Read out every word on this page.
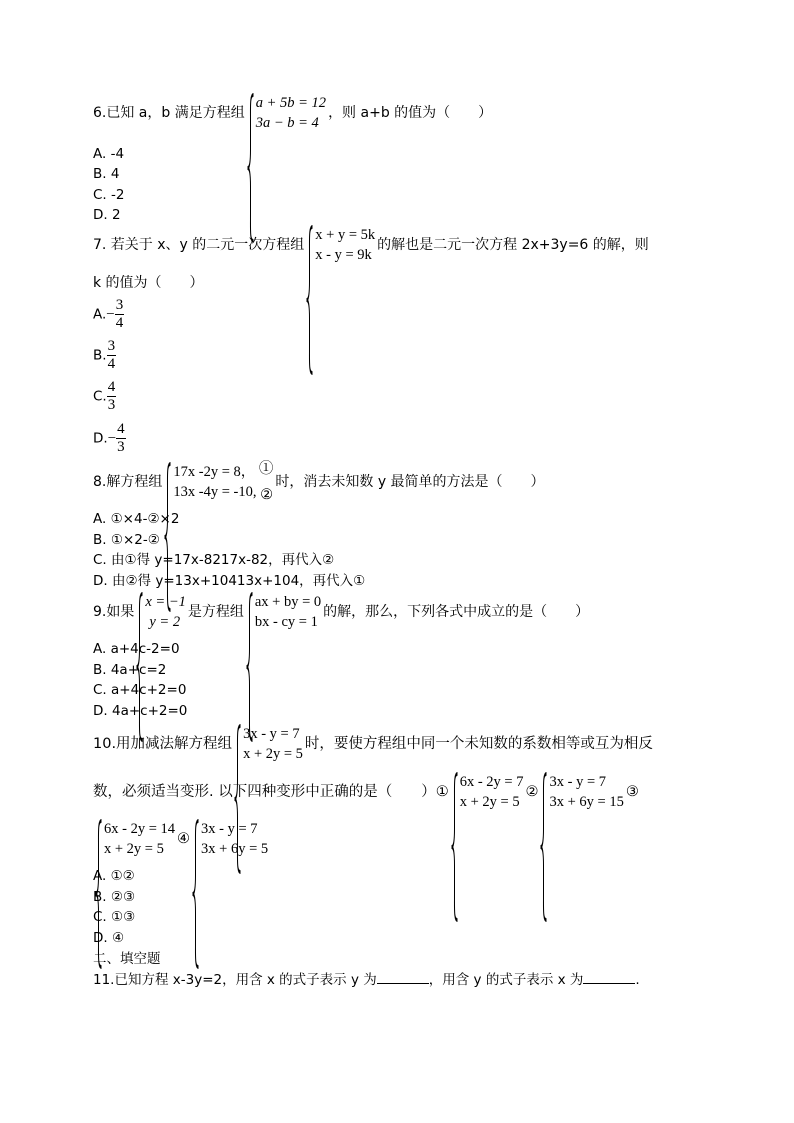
6.已知 a，b 满足方程组
a + 5b = 12
3a − b = 4
，则 a+b 的值为（　　）
A. -4
B. 4
C. -2
D. 2
7. 若关于 x、y 的二元一次方程组
x + y = 5k
x - y = 9k
的解也是二元一次方程 2x+3y=6 的解，则
k 的值为（　　）
$A.- \frac{3}{4}$
B. $\frac{3}{4}$
C. $\frac{4}{3}$
$D.- \frac{4}{3}$
8.解方程组
17x -2y = 8， ①
13x -4y = -10, ②
时，消去未知数 y 最简单的方法是（　　）
A. ①×4-②×2
B. ①×2-②
C. 由①得 y=17x-8217x-82，再代入②
D. 由②得 y=13x+10413x+104，再代入①
9.如果
x = −1
y = 2
是方程组
ax + by = 0
bx - cy = 1
的解，那么，下列各式中成立的是（　　）
A. a+4c-2=0
B. 4a+c=2
C. a+4c+2=0
D. 4a+c+2=0
10.用加减法解方程组
3x - y = 7
x + 2y = 5
时，要使方程组中同一个未知数的系数相等或互为相反
数，必须适当变形. 以下四种变形中正确的是（　　）①
6x - 2y = 7
x + 2y = 5
②
3x - y = 7
3x + 6y = 15
③
6x - 2y = 14
x + 2y = 5
④
3x - y = 7
3x + 6y = 5
A. ①②
B. ②③
C. ①③
D. ④
二、填空题
11.已知方程 x-3y=2，用含 x 的式子表示 y 为	，用含 y 的式子表示 x 为	.
